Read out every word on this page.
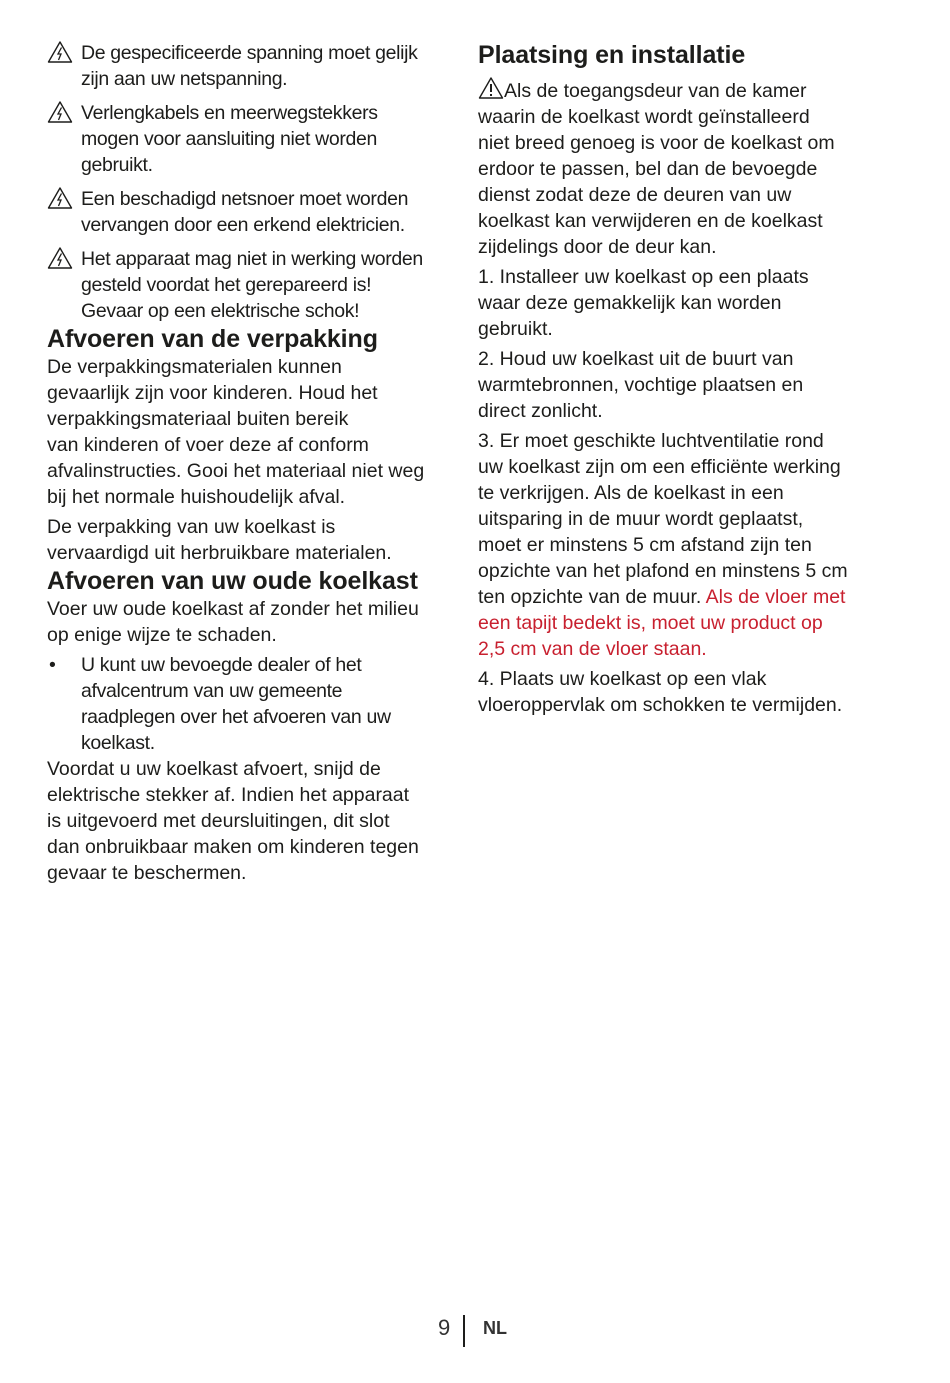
De gespecificeerde spanning moet gelijk
zijn aan uw netspanning.
Verlengkabels en meerwegstekkers
mogen voor aansluiting niet worden
gebruikt.
Een beschadigd netsnoer moet worden
vervangen door een erkend elektricien.
Het apparaat mag niet in werking worden
gesteld voordat het gerepareerd is!
Gevaar op een elektrische schok!
Afvoeren van de verpakking

De verpakkingsmaterialen kunnen
gevaarlijk zijn voor kinderen. Houd het
verpakkingsmateriaal buiten bereik
van kinderen of voer deze af conform
afvalinstructies. Gooi het materiaal niet weg
bij het normale huishoudelijk afval.

De verpakking van uw koelkast is
vervaardigd uit herbruikbare materialen.

Afvoeren van uw oude koelkast

Voer uw oude koelkast af zonder het milieu
op enige wijze te schaden.

• U kunt uw bevoegde dealer of het
afvalcentrum van uw gemeente
raadplegen over het afvoeren van uw
koelkast.

Voordat u uw koelkast afvoert, snijd de
elektrische stekker af. Indien het apparaat
is uitgevoerd met deursluitingen, dit slot
dan onbruikbaar maken om kinderen tegen
gevaar te beschermen.

Plaatsing en installatie

Als de toegangsdeur van de kamer
waarin de koelkast wordt geïnstalleerd
niet breed genoeg is voor de koelkast om
erdoor te passen, bel dan de bevoegde
dienst zodat deze de deuren van uw
koelkast kan verwijderen en de koelkast
zijdelings door de deur kan.

1. Installeer uw koelkast op een plaats
waar deze gemakkelijk kan worden
gebruikt.

2. Houd uw koelkast uit de buurt van
warmtebronnen, vochtige plaatsen en
direct zonlicht.

3. Er moet geschikte luchtventilatie rond
uw koelkast zijn om een efficiënte werking
te verkrijgen. Als de koelkast in een
uitsparing in de muur wordt geplaatst,
moet er minstens 5 cm afstand zijn ten
opzichte van het plafond en minstens 5 cm
ten opzichte van de muur. Als de vloer met
een tapijt bedekt is, moet uw product op
2,5 cm van de vloer staan.

4. Plaats uw koelkast op een vlak
vloeroppervlak om schokken te vermijden.

9 NL
